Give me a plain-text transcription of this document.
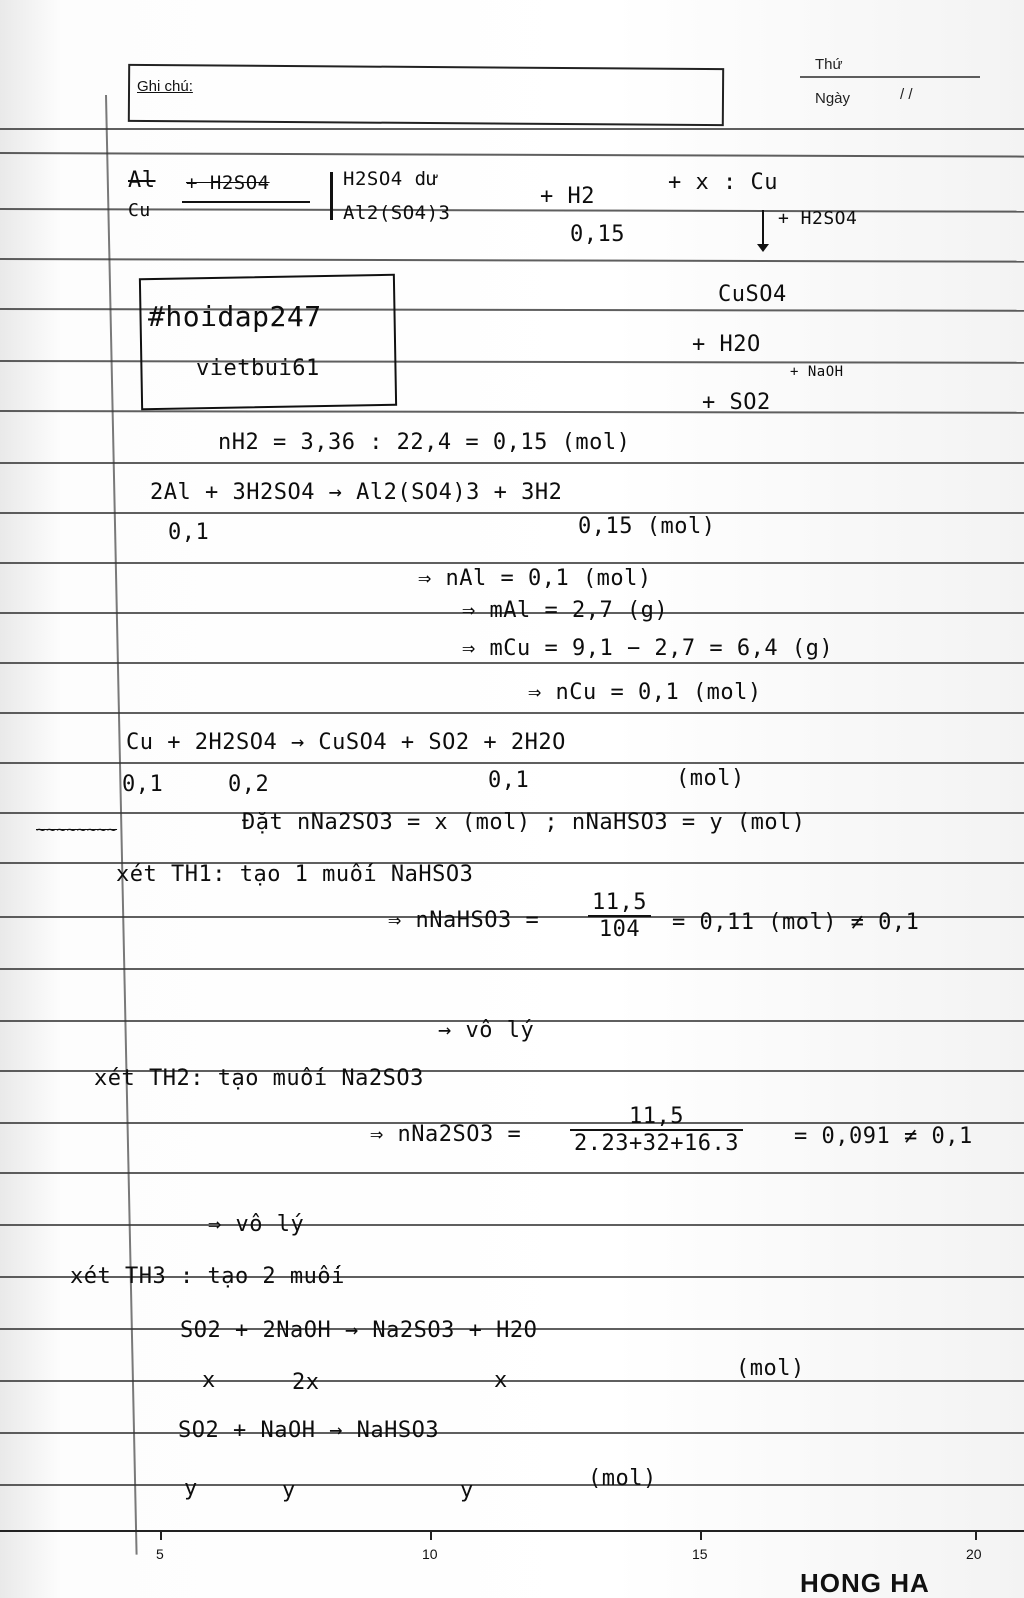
Ghi chú:
Thứ
Ngày	/ /
Al
Cu
+ H2SO4	H2SO4 dư
Al2(SO4)3
+ H2
0,15
+ x : Cu
+ H2SO4
CuSO4
+ H2O
+ SO2
+ NaOH
#hoidap247
vietbui61
nH2 = 3,36 : 22,4 = 0,15 (mol)
2Al + 3H2SO4 → Al2(SO4)3 + 3H2
0,1	0,15 (mol)
⇒ nAl = 0,1 (mol)
⇒ mAl = 2,7 (g)
⇒ mCu = 9,1 − 2,7 = 6,4 (g)
⇒ nCu = 0,1 (mol)
Cu + 2H2SO4 → CuSO4 + SO2 + 2H2O
0,1	0,2	0,1	(mol)
~~~~~~~~	Đặt nNa2SO3 = x (mol) ; nNaHSO3 = y (mol)
xét TH1: tạo 1 muối NaHSO3
⇒ nNaHSO3 = $\frac{11,5}{104} = 0,11$ (mol) ≠ 0,1
→ vô lý
xét TH2: tạo muối Na2SO3
⇒ $nNa2SO3 = \frac{11,5}{2.23+32+16.3} = 0,091 \ne 0,1$
⇒ vô lý
xét TH3 : tạo 2 muối
SO2 + 2NaOH → Na2SO3 + H2O
x	2x	x	(mol)
SO2 + NaOH → NaHSO3
y	y	y	(mol)
5	10	15	20
HONG HA
